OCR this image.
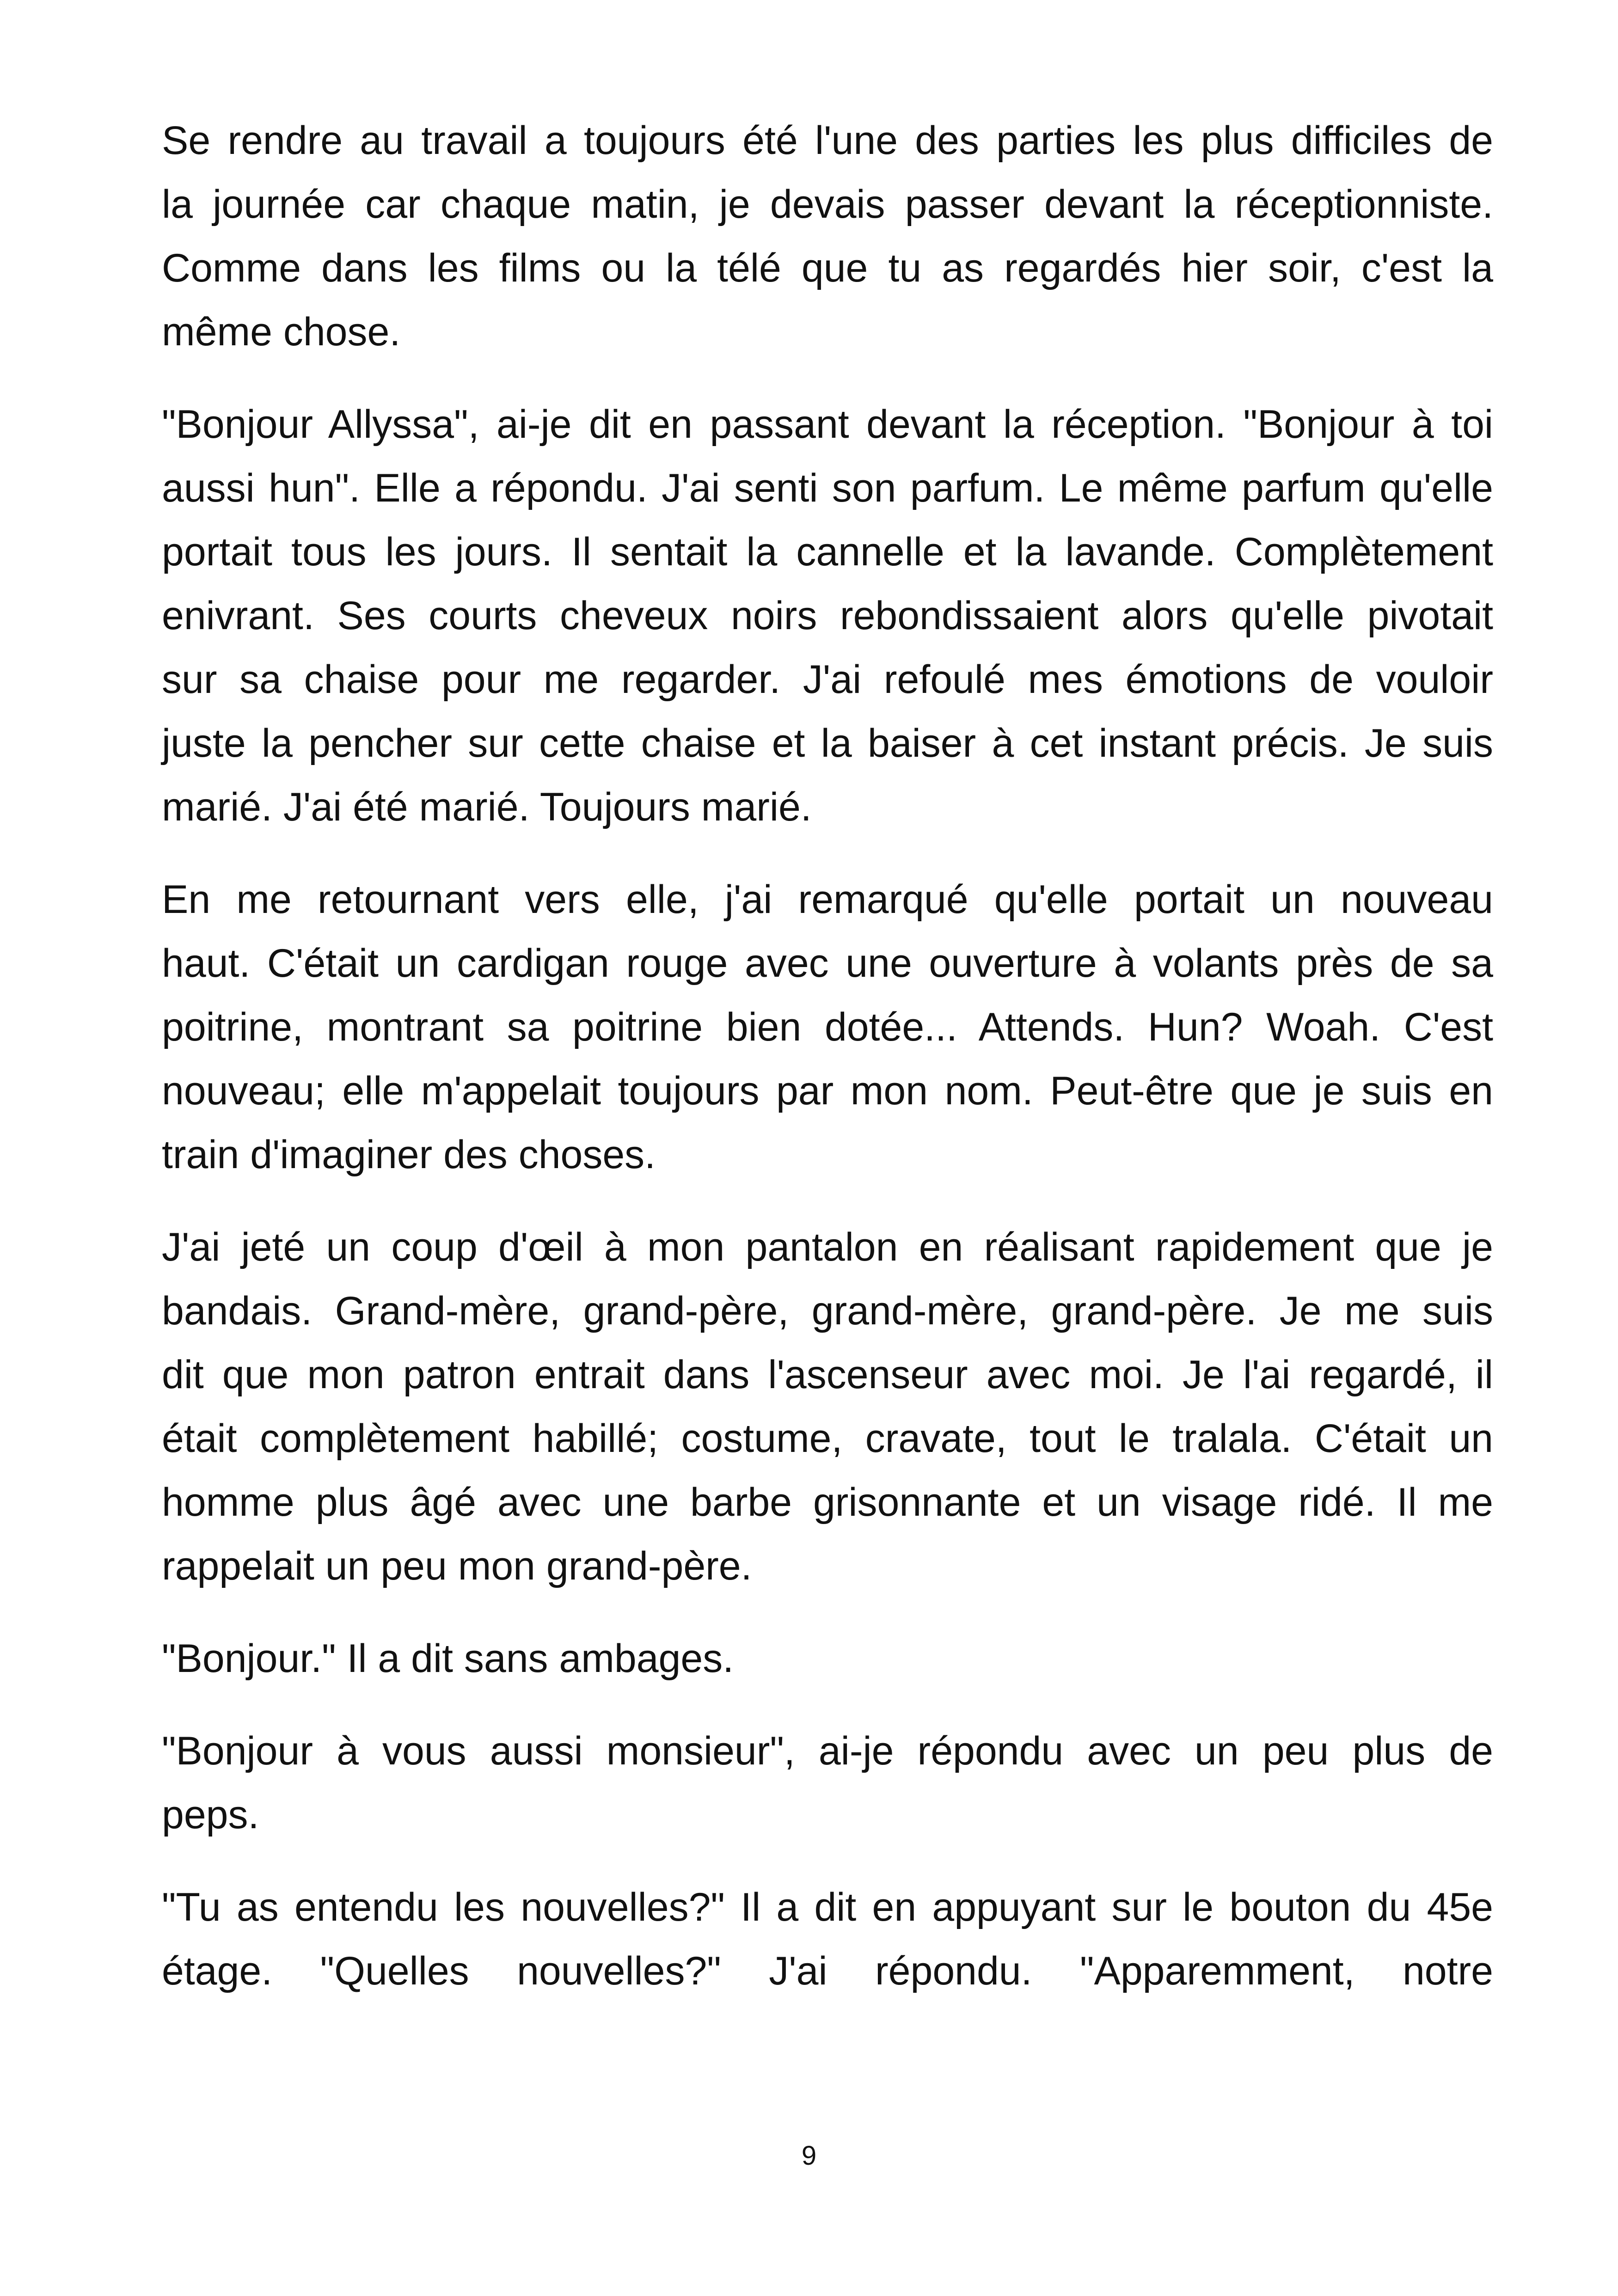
Se rendre au travail a toujours été l'une des parties les plus difficiles de
la journée car chaque matin, je devais passer devant la réceptionniste.
Comme dans les films ou la télé que tu as regardés hier soir, c'est la
même chose.

"Bonjour Allyssa", ai-je dit en passant devant la réception. "Bonjour à toi
aussi hun". Elle a répondu. J'ai senti son parfum. Le même parfum qu'elle
portait tous les jours. Il sentait la cannelle et la lavande. Complètement
enivrant. Ses courts cheveux noirs rebondissaient alors qu'elle pivotait
sur sa chaise pour me regarder. J'ai refoulé mes émotions de vouloir
juste la pencher sur cette chaise et la baiser à cet instant précis. Je suis
marié. J'ai été marié. Toujours marié.

En me retournant vers elle, j'ai remarqué qu'elle portait un nouveau
haut. C'était un cardigan rouge avec une ouverture à volants près de sa
poitrine, montrant sa poitrine bien dotée... Attends. Hun? Woah. C'est
nouveau; elle m'appelait toujours par mon nom. Peut-être que je suis en
train d'imaginer des choses.

J'ai jeté un coup d'œil à mon pantalon en réalisant rapidement que je
bandais. Grand-mère, grand-père, grand-mère, grand-père. Je me suis
dit que mon patron entrait dans l'ascenseur avec moi. Je l'ai regardé, il
était complètement habillé; costume, cravate, tout le tralala. C'était un
homme plus âgé avec une barbe grisonnante et un visage ridé. Il me
rappelait un peu mon grand-père.

"Bonjour." Il a dit sans ambages.

"Bonjour à vous aussi monsieur", ai-je répondu avec un peu plus de
peps.

"Tu as entendu les nouvelles?" Il a dit en appuyant sur le bouton du 45e
étage. "Quelles nouvelles?" J'ai répondu. "Apparemment, notre

9
